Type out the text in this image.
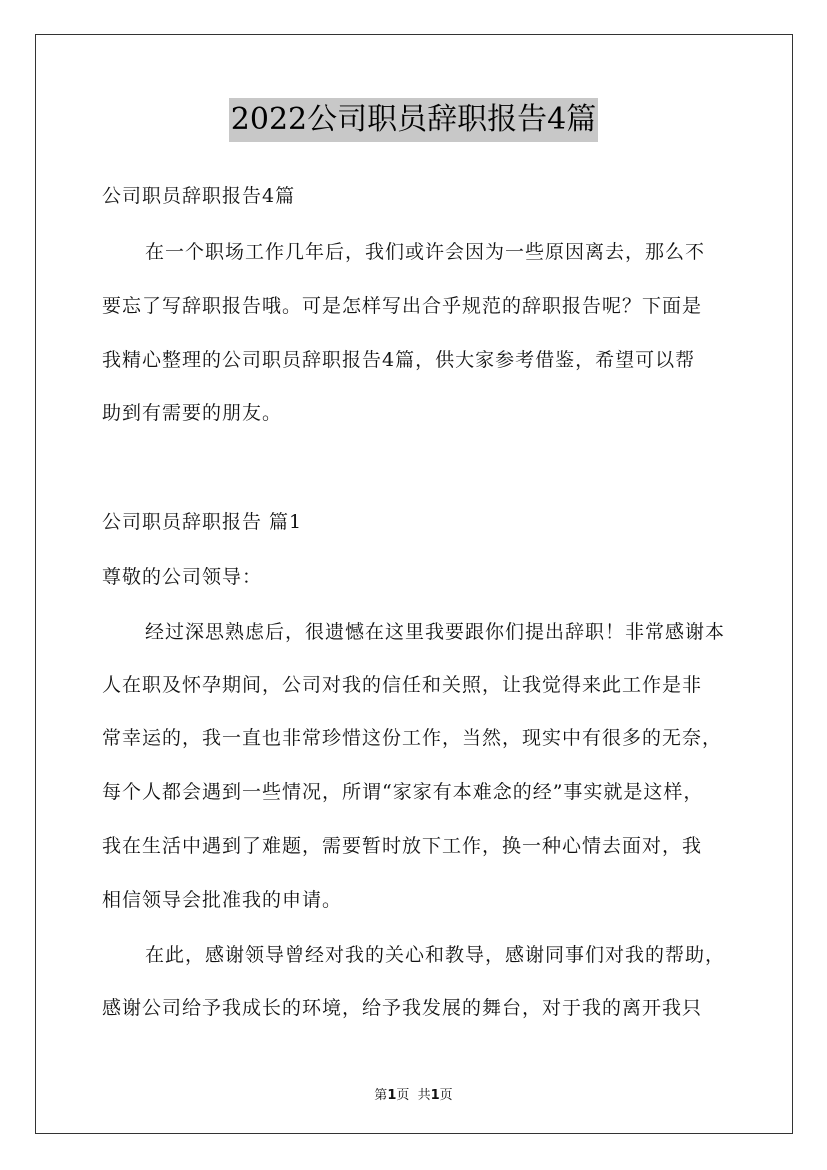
2022公司职员辞职报告4篇
公司职员辞职报告4篇
在一个职场工作几年后，我们或许会因为一些原因离去，那么不
要忘了写辞职报告哦。可是怎样写出合乎规范的辞职报告呢？下面是
我精心整理的公司职员辞职报告4篇，供大家参考借鉴，希望可以帮
助到有需要的朋友。
公司职员辞职报告 篇1
尊敬的公司领导：
经过深思熟虑后，很遗憾在这里我要跟你们提出辞职！非常感谢本
人在职及怀孕期间，公司对我的信任和关照，让我觉得来此工作是非
常幸运的，我一直也非常珍惜这份工作，当然，现实中有很多的无奈，
每个人都会遇到一些情况，所谓“家家有本难念的经”事实就是这样，
我在生活中遇到了难题，需要暂时放下工作，换一种心情去面对，我
相信领导会批准我的申请。
在此，感谢领导曾经对我的关心和教导，感谢同事们对我的帮助，
感谢公司给予我成长的环境，给予我发展的舞台，对于我的离开我只
第1页  共1页
